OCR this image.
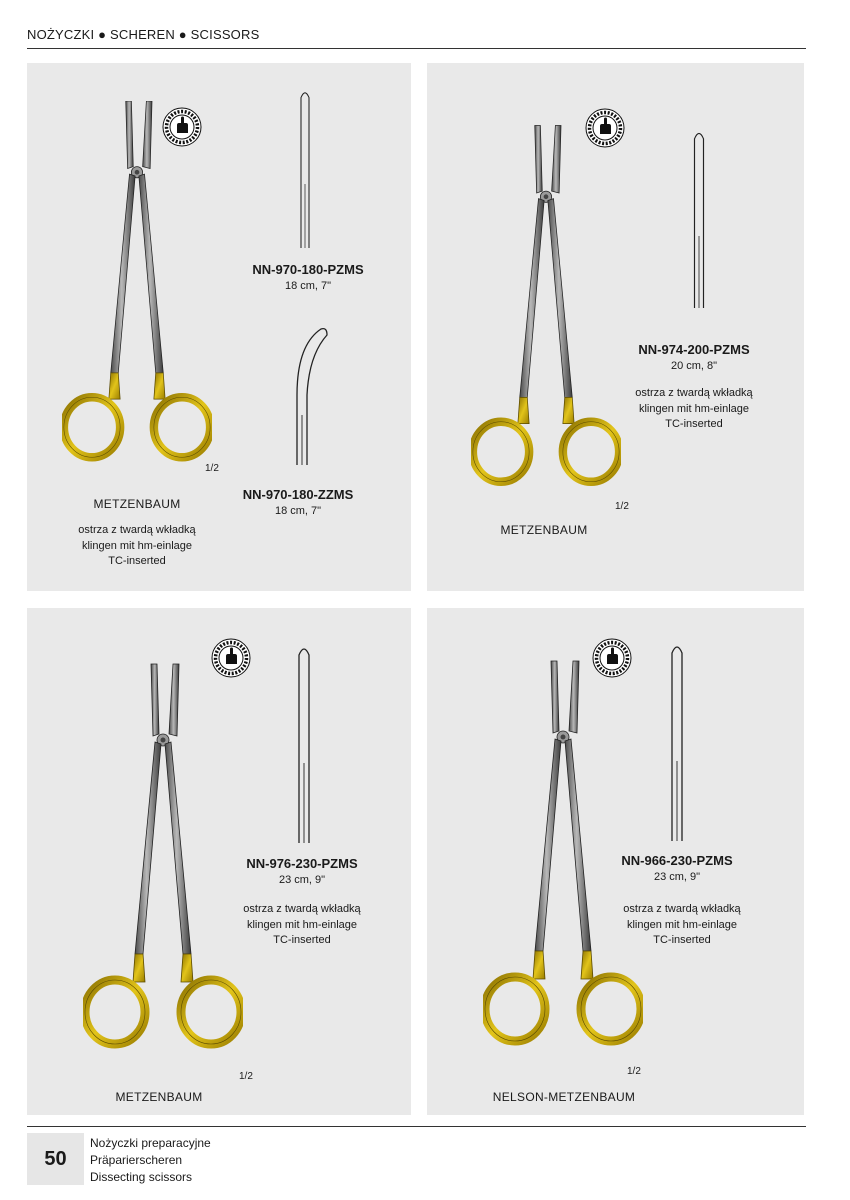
NOŻYCZKI ● SCHEREN ● SCISSORS
NN-970-180-PZMS
18 cm, 7"
NN-970-180-ZZMS
18 cm, 7"
1/2
METZENBAUM
ostrza z twardą wkładką
klingen mit hm-einlage
TC-inserted
NN-974-200-PZMS
20 cm, 8"
ostrza z twardą wkładką
klingen mit hm-einlage
TC-inserted
1/2
METZENBAUM
NN-976-230-PZMS
23 cm, 9"
ostrza z twardą wkładką
klingen mit hm-einlage
TC-inserted
1/2
METZENBAUM
NN-966-230-PZMS
23 cm, 9"
ostrza z twardą wkładką
klingen mit hm-einlage
TC-inserted
1/2
NELSON-METZENBAUM
50
Nożyczki preparacyjne
Präparierscheren
Dissecting scissors
